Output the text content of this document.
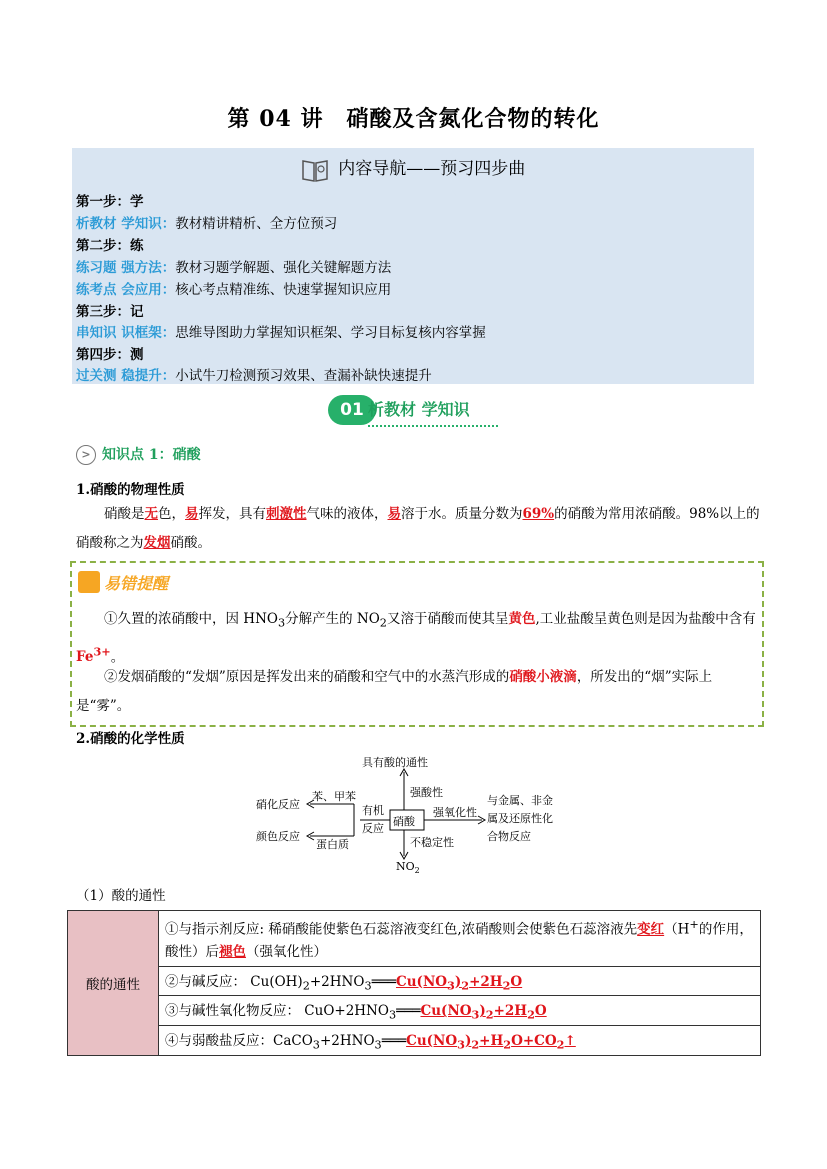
第 04 讲　硝酸及含氮化合物的转化
内容导航——预习四步曲
第一步：学
析教材 学知识：教材精讲精析、全方位预习
第二步：练
练习题 强方法：教材习题学解题、强化关键解题方法
练考点 会应用：核心考点精准练、快速掌握知识应用
第三步：记
串知识 识框架：思维导图助力掌握知识框架、学习目标复核内容掌握
第四步：测
过关测 稳提升：小试牛刀检测预习效果、查漏补缺快速提升
01 析教材 学知识
> 知识点 1：硝酸
1.硝酸的物理性质
硝酸是无色，易挥发，具有刺激性气味的液体，易溶于水。质量分数为69%的硝酸为常用浓硝酸。98%以上的硝酸称之为发烟硝酸。
易错提醒
①久置的浓硝酸中，因 $HNO_3$分解产生的 $NO_2$又溶于硝酸而使其呈黄色,工业盐酸呈黄色则是因为盐酸中含有 $Fe^{3+}$。
②发烟硝酸的“发烟”原因是挥发出来的硝酸和空气中的水蒸汽形成的硝酸小液滴，所发出的“烟”实际上是“雾”。
2.硝酸的化学性质
具有酸的通性
硝酸
$NO_2$
强酸性
强氧化性
不稳定性
与金属、非金
属及还原性化
合物反应
有机
反应
苯、甲苯
蛋白质
硝化反应
颜色反应
（1）酸的通性
酸的通性	①与指示剂反应: 稀硝酸能使紫色石蕊溶液变红色,浓硝酸则会使紫色石蕊溶液先变红（H+的作用，酸性）后褪色（强氧化性）
②与碱反应： $Cu(OH)_2+2HNO_3═══Cu(NO_3)_2+2H_2O$
③与碱性氧化物反应： $CuO+2HNO_3═══Cu(NO_3)_2+2H_2O$
④与弱酸盐反应：$CaCO_3+2HNO_3═══Cu(NO_3)_2+H_2O+CO_2↑$
